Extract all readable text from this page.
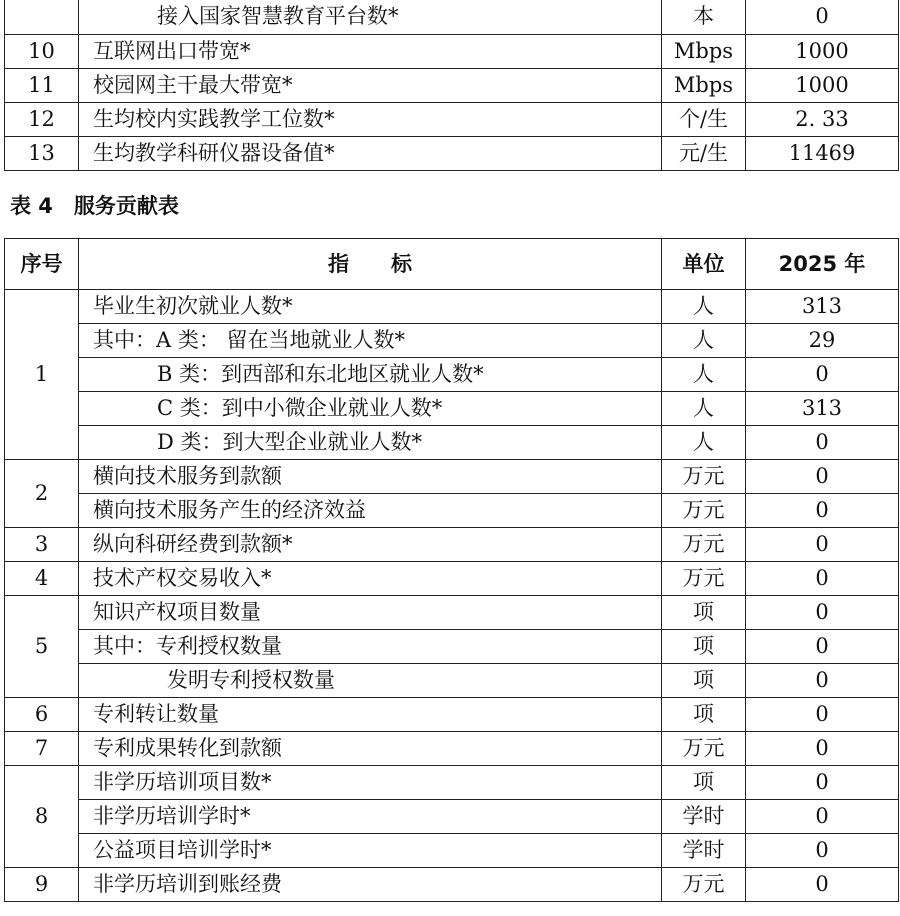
	接入国家智慧教育平台数*	本	0
10	互联网出口带宽*	Mbps	1000
11	校园网主干最大带宽*	Mbps	1000
12	生均校内实践教学工位数*	个/生	2. 33
13	生均教学科研仪器设备值*	元/生	11469
表 4　服务贡献表
序号	指　　标	单位	2025 年
1	毕业生初次就业人数*	人	313
	其中：A 类： 留在当地就业人数*	人	29
	B 类：到西部和东北地区就业人数*	人	0
	C 类：到中小微企业就业人数*	人	313
	D 类：到大型企业就业人数*	人	0
2	横向技术服务到款额	万元	0
	横向技术服务产生的经济效益	万元	0
3	纵向科研经费到款额*	万元	0
4	技术产权交易收入*	万元	0
5	知识产权项目数量	项	0
	其中：专利授权数量	项	0
	发明专利授权数量	项	0
6	专利转让数量	项	0
7	专利成果转化到款额	万元	0
8	非学历培训项目数*	项	0
	非学历培训学时*	学时	0
	公益项目培训学时*	学时	0
9	非学历培训到账经费	万元	0
